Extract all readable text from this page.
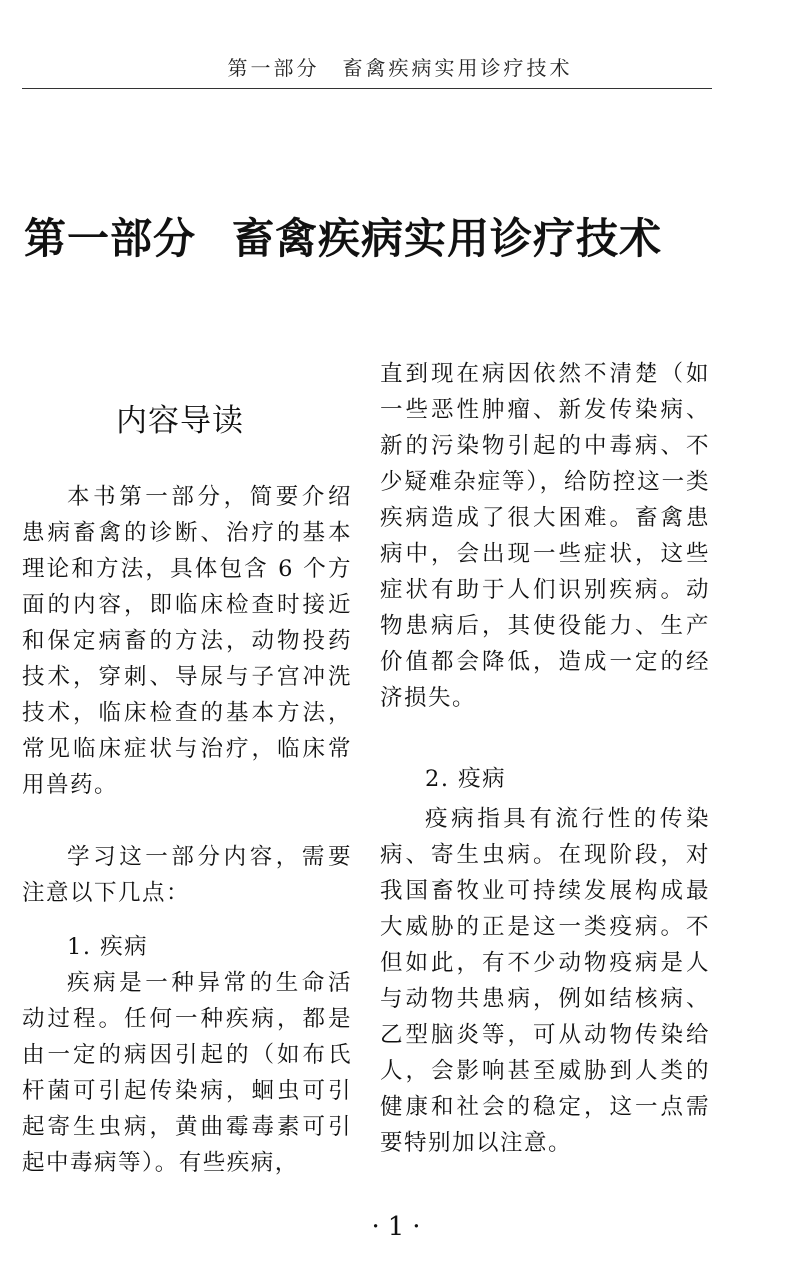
第一部分　畜禽疾病实用诊疗技术
第一部分 畜禽疾病实用诊疗技术
内容导读
本书第一部分，简要介绍患病畜禽的诊断、治疗的基本理论和方法，具体包含 6 个方面的内容，即临床检查时接近和保定病畜的方法，动物投药技术，穿刺、导尿与子宫冲洗技术，临床检查的基本方法，常见临床症状与治疗，临床常用兽药。
学习这一部分内容，需要注意以下几点：
1. 疾病
疾病是一种异常的生命活动过程。任何一种疾病，都是由一定的病因引起的（如布氏杆菌可引起传染病，蛔虫可引起寄生虫病，黄曲霉毒素可引起中毒病等）。有些疾病，
直到现在病因依然不清楚（如一些恶性肿瘤、新发传染病、新的污染物引起的中毒病、不少疑难杂症等），给防控这一类疾病造成了很大困难。畜禽患病中，会出现一些症状，这些症状有助于人们识别疾病。动物患病后，其使役能力、生产价值都会降低，造成一定的经济损失。
2. 疫病
疫病指具有流行性的传染病、寄生虫病。在现阶段，对我国畜牧业可持续发展构成最大威胁的正是这一类疫病。不但如此，有不少动物疫病是人与动物共患病，例如结核病、乙型脑炎等，可从动物传染给人，会影响甚至威胁到人类的健康和社会的稳定，这一点需要特别加以注意。
·1·
